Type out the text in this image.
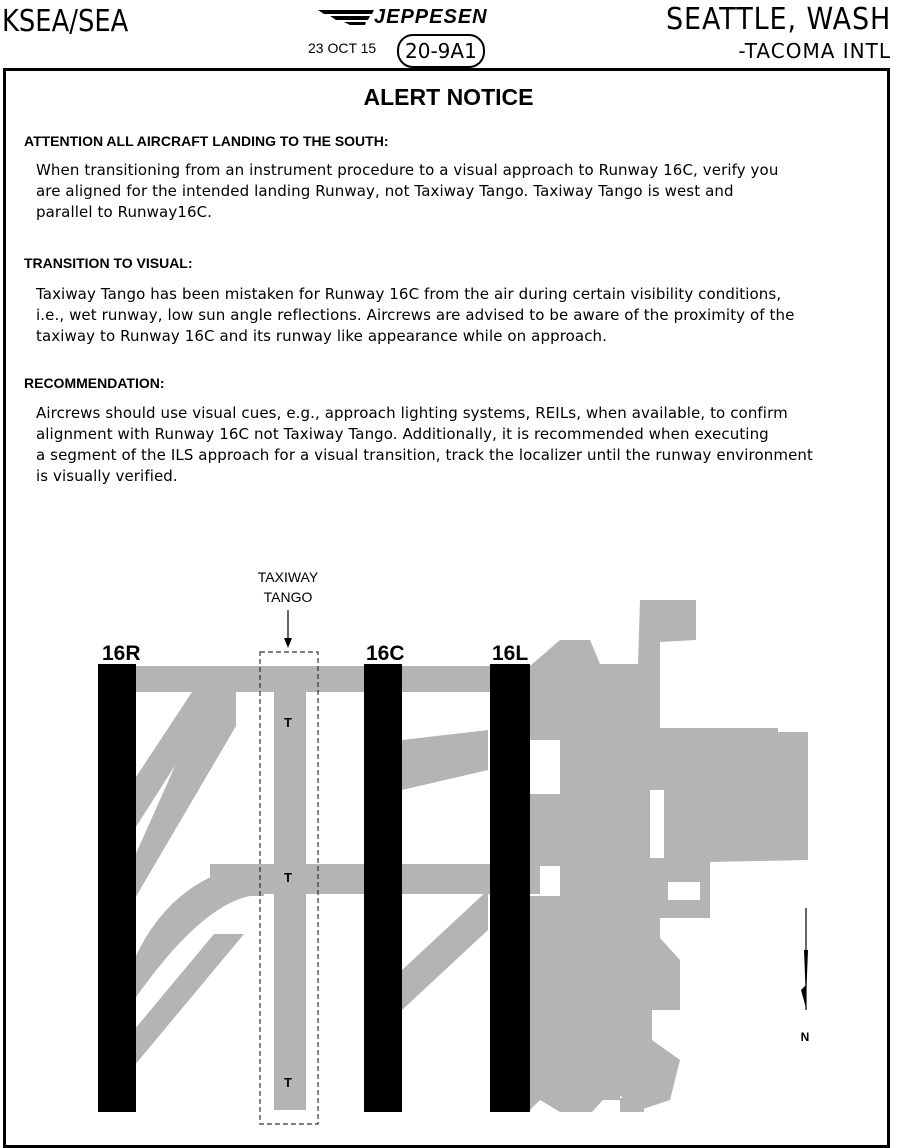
KSEA/SEA	JEPPESEN
23 OCT 15	20-9A1
SEATTLE, WASH
-TACOMA INTL
ALERT NOTICE
ATTENTION ALL AIRCRAFT LANDING TO THE SOUTH:
When transitioning from an instrument procedure to a visual approach to Runway 16C, verify you
are aligned for the intended landing Runway, not Taxiway Tango. Taxiway Tango is west and
parallel to Runway16C.
TRANSITION TO VISUAL:
Taxiway Tango has been mistaken for Runway 16C from the air during certain visibility conditions,
i.e., wet runway, low sun angle reflections. Aircrews are advised to be aware of the proximity of the
taxiway to Runway 16C and its runway like appearance while on approach.
RECOMMENDATION:
Aircrews should use visual cues, e.g., approach lighting systems, REILs, when available, to confirm
alignment with Runway 16C not Taxiway Tango. Additionally, it is recommended when executing
a segment of the ILS approach for a visual transition, track the localizer until the runway environment
is visually verified.
16R	16C	16L
TAXIWAY
TANGO
T
T
T
N
